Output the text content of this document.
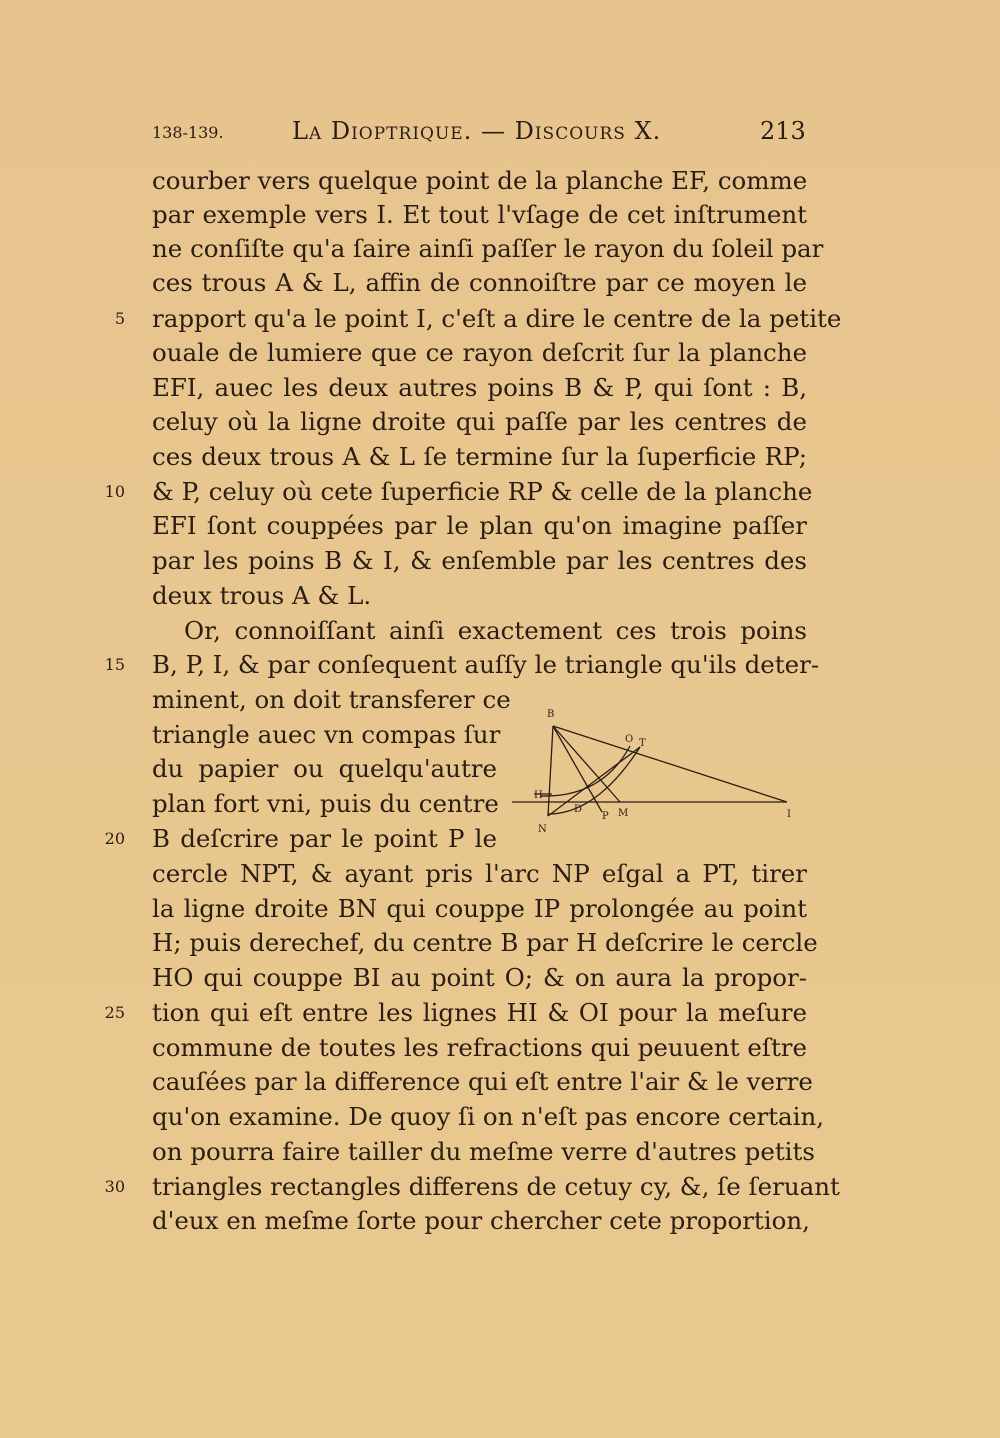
138-139.	La Dioptrique. — Discours X.	213
courber vers quelque point de la planche EF, comme
par exemple vers I. Et tout l'vſage de cet inſtrument
ne conſiſte qu'a ſaire ainſi paſſer le rayon du ſoleil par
ces trous A & L, affin de connoiſtre par ce moyen le
rapport qu'a le point I, c'eſt a dire le centre de la petite
ouale de lumiere que ce rayon deſcrit ſur la planche
EFI, auec les deux autres poins B & P, qui ſont : B,
celuy où la ligne droite qui paſſe par les centres de
ces deux trous A & L ſe termine ſur la ſuperficie RP;
& P, celuy où cete ſuperficie RP & celle de la planche
EFI ſont couppées par le plan qu'on imagine paſſer
par les poins B & I, & enſemble par les centres des
deux trous A & L.
Or, connoiſſant ainſi exactement ces trois poins
B, P, I, & par conſequent auſſy le triangle qu'ils deter-
minent, on doit transferer ce
triangle auec vn compas ſur
du papier ou quelqu'autre
plan fort vni, puis du centre
B deſcrire par le point P le
cercle NPT, & ayant pris l'arc NP eſgal a PT, tirer
la ligne droite BN qui couppe IP prolongée au point
H; puis derechef, du centre B par H deſcrire le cercle
HO qui couppe BI au point O; & on aura la propor-
tion qui eſt entre les lignes HI & OI pour la meſure
commune de toutes les refractions qui peuuent eſtre
cauſées par la difference qui eſt entre l'air & le verre
qu'on examine. De quoy ſi on n'eſt pas encore certain,
on pourra faire tailler du meſme verre d'autres petits
triangles rectangles differens de cetuy cy, &, ſe ſeruant
d'eux en meſme ſorte pour chercher cete proportion,
5
10
15
20
25
30
B
O T
H
D
P M	I
N
